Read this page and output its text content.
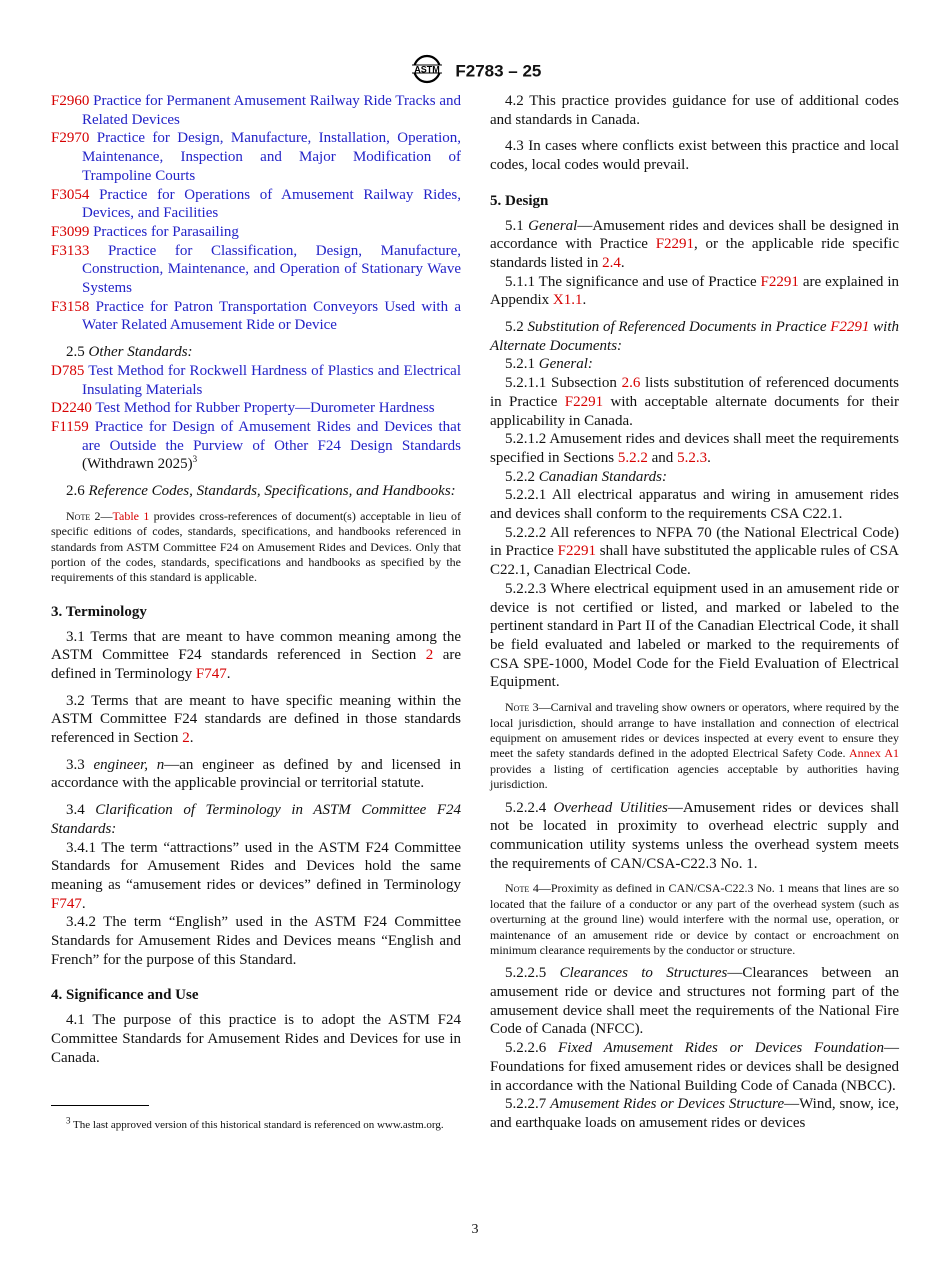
ASTM F2783 – 25

F2960 Practice for Permanent Amusement Railway Ride Tracks and Related Devices

F2970 Practice for Design, Manufacture, Installation, Operation, Maintenance, Inspection and Major Modification of Trampoline Courts

F3054 Practice for Operations of Amusement Railway Rides, Devices, and Facilities

F3099 Practices for Parasailing

F3133 Practice for Classification, Design, Manufacture, Construction, Maintenance, and Operation of Stationary Wave Systems

F3158 Practice for Patron Transportation Conveyors Used with a Water Related Amusement Ride or Device

2.5 Other Standards:

D785 Test Method for Rockwell Hardness of Plastics and Electrical Insulating Materials

D2240 Test Method for Rubber Property—Durometer Hardness

F1159 Practice for Design of Amusement Rides and Devices that are Outside the Purview of Other F24 Design Standards (Withdrawn 2025)$^3$

2.6 Reference Codes, Standards, Specifications, and Handbooks:

Note 2—Table 1 provides cross-references of document(s) acceptable in lieu of specific editions of codes, standards, specifications, and handbooks referenced in standards from ASTM Committee F24 on Amusement Rides and Devices. Only that portion of the codes, standards, specifications and handbooks as specified by the requirements of this standard is applicable.

3. Terminology

3.1 Terms that are meant to have common meaning among the ASTM Committee F24 standards referenced in Section 2 are defined in Terminology F747.

3.2 Terms that are meant to have specific meaning within the ASTM Committee F24 standards are defined in those standards referenced in Section 2.

3.3 engineer, n—an engineer as defined by and licensed in accordance with the applicable provincial or territorial statute.

3.4 Clarification of Terminology in ASTM Committee F24 Standards:

3.4.1 The term “attractions” used in the ASTM F24 Committee Standards for Amusement Rides and Devices hold the same meaning as “amusement rides or devices” defined in Terminology F747.

3.4.2 The term “English” used in the ASTM F24 Committee Standards for Amusement Rides and Devices means “English and French” for the purpose of this Standard.

4. Significance and Use

4.1 The purpose of this practice is to adopt the ASTM F24 Committee Standards for Amusement Rides and Devices for use in Canada.

$^3$ The last approved version of this historical standard is referenced on www.astm.org.

4.2 This practice provides guidance for use of additional codes and standards in Canada.

4.3 In cases where conflicts exist between this practice and local codes, local codes would prevail.

5. Design

5.1 General—Amusement rides and devices shall be designed in accordance with Practice F2291, or the applicable ride specific standards listed in 2.4.

5.1.1 The significance and use of Practice F2291 are explained in Appendix X1.1.

5.2 Substitution of Referenced Documents in Practice F2291 with Alternate Documents:

5.2.1 General:

5.2.1.1 Subsection 2.6 lists substitution of referenced documents in Practice F2291 with acceptable alternate documents for their applicability in Canada.

5.2.1.2 Amusement rides and devices shall meet the requirements specified in Sections 5.2.2 and 5.2.3.

5.2.2 Canadian Standards:

5.2.2.1 All electrical apparatus and wiring in amusement rides and devices shall conform to the requirements CSA C22.1.

5.2.2.2 All references to NFPA 70 (the National Electrical Code) in Practice F2291 shall have substituted the applicable rules of CSA C22.1, Canadian Electrical Code.

5.2.2.3 Where electrical equipment used in an amusement ride or device is not certified or listed, and marked or labeled to the pertinent standard in Part II of the Canadian Electrical Code, it shall be field evaluated and labeled or marked to the requirements of CSA SPE-1000, Model Code for the Field Evaluation of Electrical Equipment.

Note 3—Carnival and traveling show owners or operators, where required by the local jurisdiction, should arrange to have installation and connection of electrical equipment on amusement rides or devices inspected at every event to ensure they meet the safety standards defined in the adopted Electrical Safety Code. Annex A1 provides a listing of certification agencies acceptable by authorities having jurisdiction.

5.2.2.4 Overhead Utilities—Amusement rides or devices shall not be located in proximity to overhead electric supply and communication utility systems unless the overhead system meets the requirements of CAN/CSA-C22.3 No. 1.

Note 4—Proximity as defined in CAN/CSA-C22.3 No. 1 means that lines are so located that the failure of a conductor or any part of the overhead system (such as overturning at the ground line) would interfere with the normal use, operation, or maintenance of an amusement ride or device by contact or encroachment on minimum clearance requirements by the conductor or structure.

5.2.2.5 Clearances to Structures—Clearances between an amusement ride or device and structures not forming part of the amusement device shall meet the requirements of the National Fire Code of Canada (NFCC).

5.2.2.6 Fixed Amusement Rides or Devices Foundation—Foundations for fixed amusement rides or devices shall be designed in accordance with the National Building Code of Canada (NBCC).

5.2.2.7 Amusement Rides or Devices Structure—Wind, snow, ice, and earthquake loads on amusement rides or devices

3
